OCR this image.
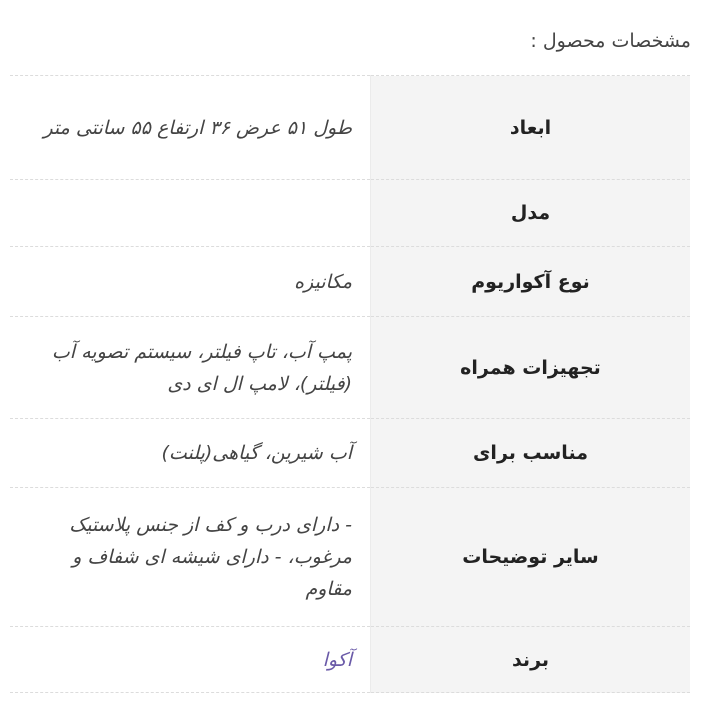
مشخصات محصول :
ابعاد	طول ۵۱ عرض ۳۶ ارتفاع ۵۵ سانتی متر
مدل	
نوع آکواریوم	مکانیزه
تجهیزات همراه	پمپ آب، تاپ فیلتر، سیستم تصویه آب (فیلتر)، لامپ ال ای دی
مناسب برای	آب شیرین، گیاهی(پلنت)
سایر توضیحات	- دارای درب و کف از جنس پلاستیک مرغوب، - دارای شیشه ای شفاف و مقاوم
برند	آکوا
